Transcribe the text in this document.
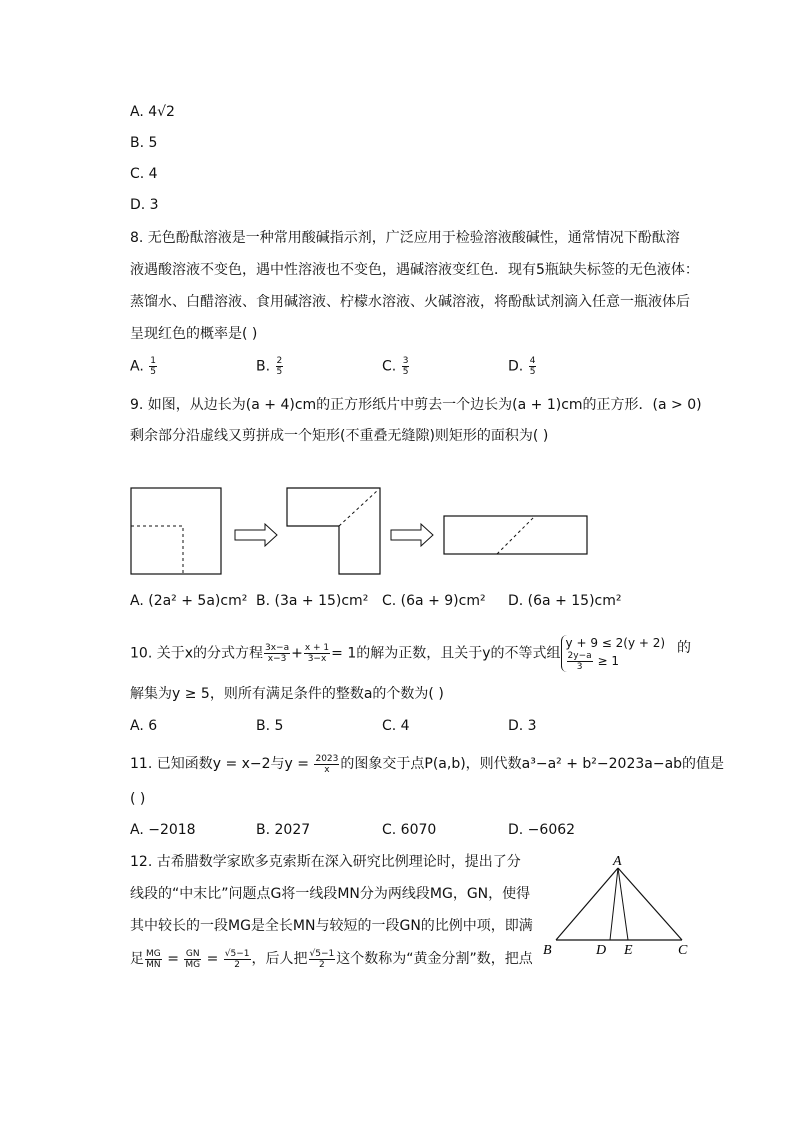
A. 4√2
B. 5
C. 4
D. 3
8. 无色酚酞溶液是一种常用酸碱指示剂，广泛应用于检验溶液酸碱性，通常情况下酚酞溶
液遇酸溶液不变色，遇中性溶液也不变色，遇碱溶液变红色．现有5瓶缺失标签的无色液体：
蒸馏水、白醋溶液、食用碱溶液、柠檬水溶液、火碱溶液，将酚酞试剂滴入任意一瓶液体后
呈现红色的概率是( )
A. $\frac{1}{5}$	B. $\frac{2}{5}$	C. $\frac{3}{5}$	D. $\frac{4}{5}$
9. 如图，从边长为(a + 4)cm的正方形纸片中剪去一个边长为(a + 1)cm的正方形．(a > 0)
剩余部分沿虚线又剪拼成一个矩形(不重叠无缝隙)则矩形的面积为( )
A. (2a² + 5a)cm² B. (3a + 15)cm² C. (6a + 9)cm² D. (6a + 15)cm²
10. 关于x的分式方程 $\frac{3x-a}{x-3} + \frac{x + 1}{3-x} = 1$的解为正数，且关于y的不等式组
y + 9 ≤ 2(y + 2)
$\frac{2y-a}{3} \ge 1$
的
解集为y ≥ 5，则所有满足条件的整数a的个数为( )
A. 6	B. 5	C. 4	D. 3
11. 已知函数y = x−2与$y = \frac{2023}{x}$ 的图象交于点P(a,b)，则代数a³−a² + b²−2023a−ab的值是
( )
A. −2018	B. 2027	C. 6070	D. −6062
12. 古希腊数学家欧多克索斯在深入研究比例理论时，提出了分
线段的“中末比”问题点G将一线段MN分为两线段MG，GN，使得
其中较长的一段MG是全长MN与较短的一段GN的比例中项，即满
足 $\frac{MG}{MN} = \frac{GN}{MG} = \frac{√5-1}{2}$ ，后人把 $\frac{√5-1}{2}$ 这个数称为“黄金分割”数，把点
A
B	D E	C
